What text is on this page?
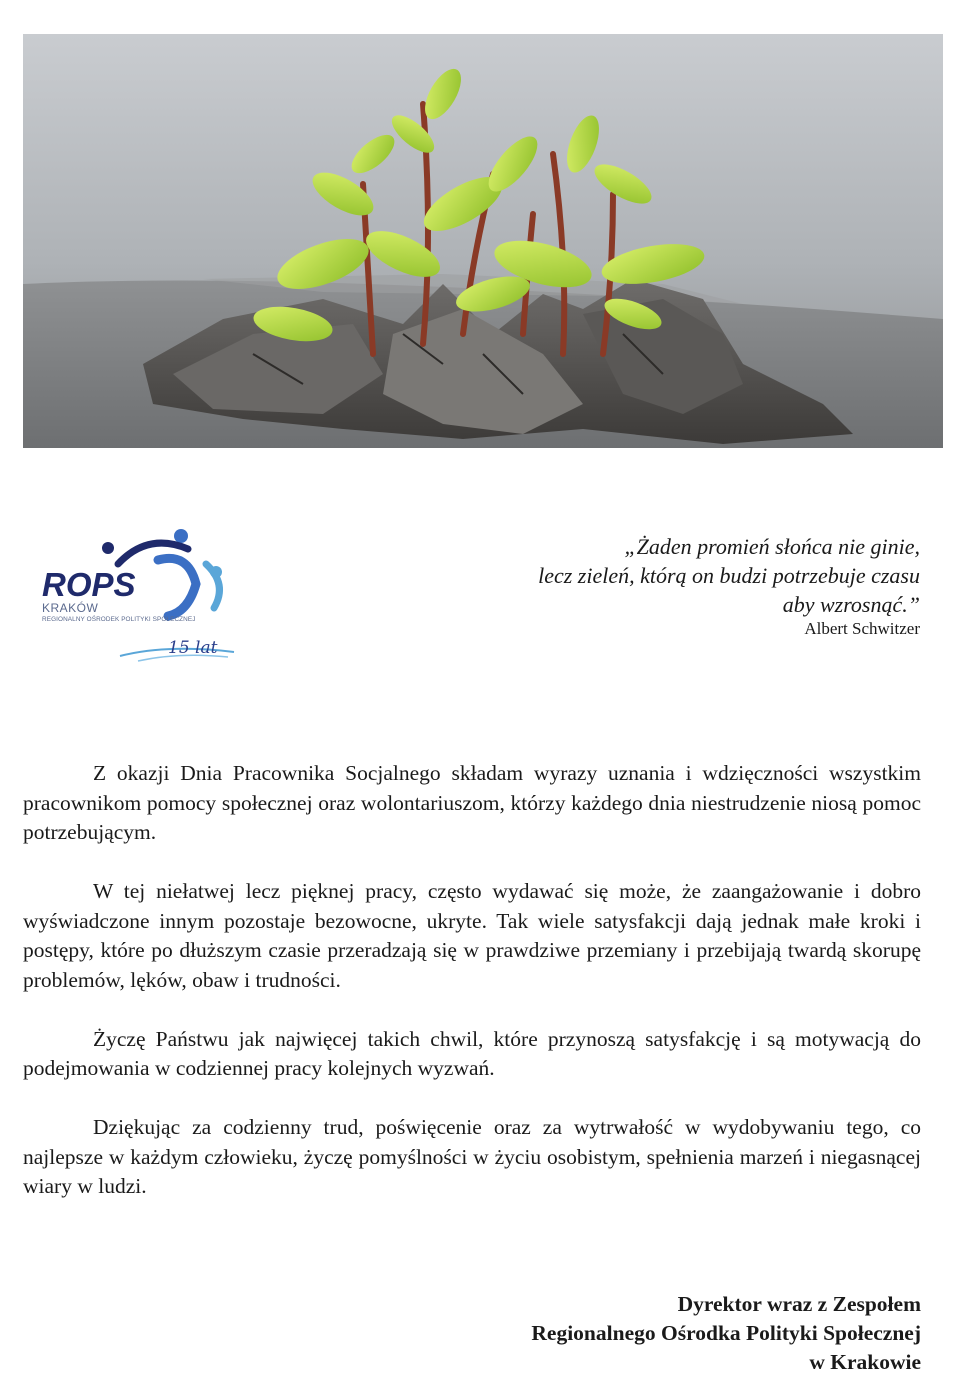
ROPS
KRAKÓW
REGIONALNY OŚRODEK POLITYKI SPOŁECZNEJ
15 lat
„Żaden promień słońca nie ginie,
lecz zieleń, którą on budzi potrzebuje czasu
aby wzrosnąć.”
Albert Schwitzer

Z okazji Dnia Pracownika Socjalnego składam wyrazy uznania i wdzięczności wszystkim pracownikom pomocy społecznej oraz wolontariuszom, którzy każdego dnia niestrudzenie niosą pomoc potrzebującym.

W tej niełatwej lecz pięknej pracy, często wydawać się może, że zaangażowanie i dobro wyświadczone innym pozostaje bezowocne, ukryte. Tak wiele satysfakcji dają jednak małe kroki i postępy, które po dłuższym czasie przeradzają się w prawdziwe przemiany i przebijają twardą skorupę problemów, lęków, obaw i trudności.

Życzę Państwu jak najwięcej takich chwil, które przynoszą satysfakcję i są motywacją do podejmowania w codziennej pracy kolejnych wyzwań.

Dziękując za codzienny trud, poświęcenie oraz za wytrwałość w wydobywaniu tego, co najlepsze w każdym człowieku, życzę pomyślności w życiu osobistym, spełnienia marzeń i niegasnącej wiary w ludzi.

Dyrektor wraz z Zespołem
Regionalnego Ośrodka Polityki Społecznej
w Krakowie
